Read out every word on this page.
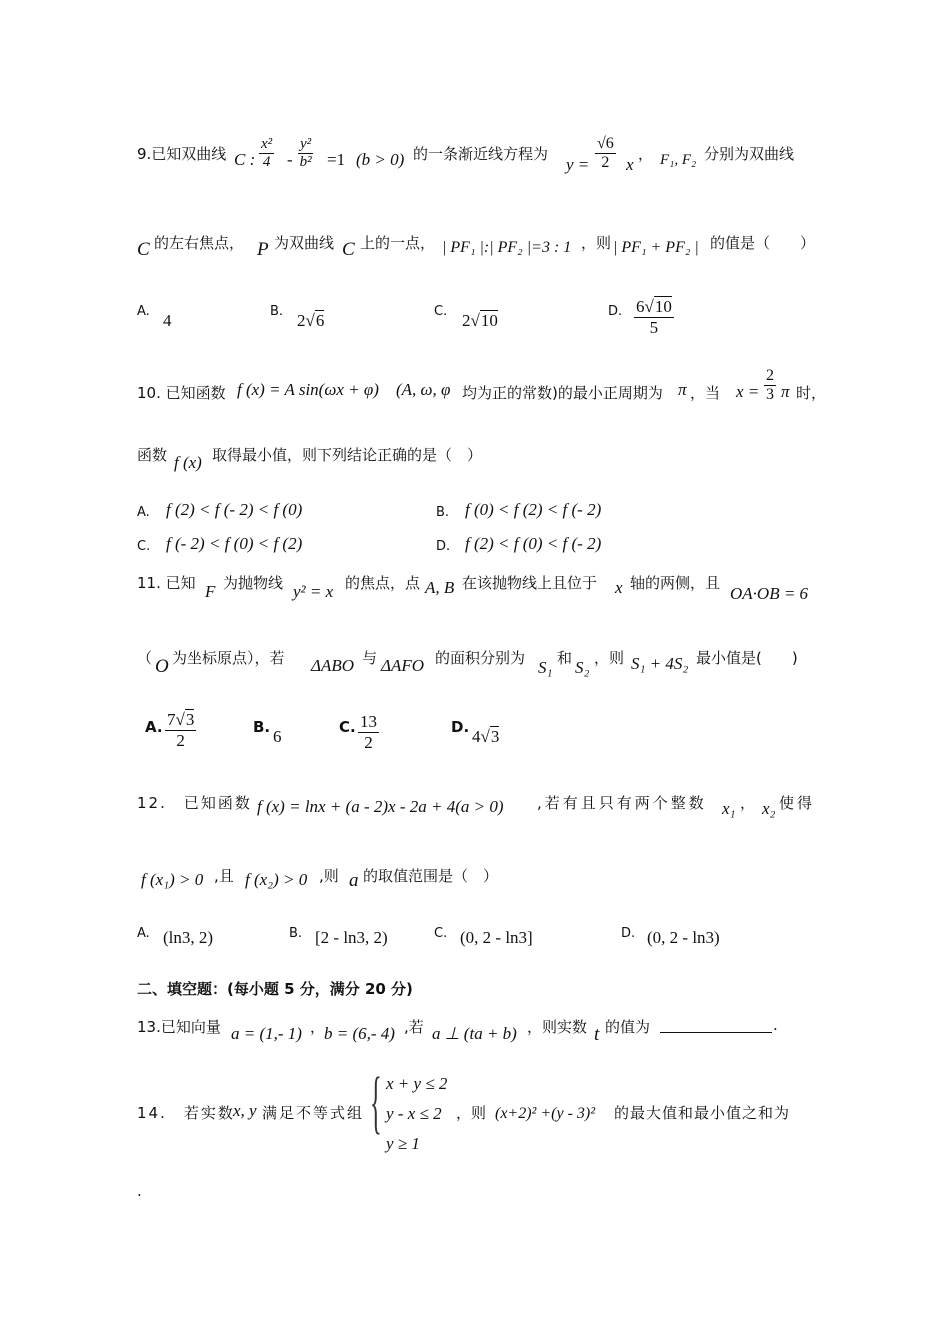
9.已知双曲线 C : $\frac{\text{x²}}{4} - \frac{\text{y²}}{\text{b²}} =1$ (b > 0) 的一条渐近线方程为
$y = \frac{√6}{2}$ x
， F₁, F₂ 分别为双曲线
C 的左右焦点， P 为双曲线 C 上的一点， | PF₁ |:| PF₂ |=3 : 1 ，则 | PF₁ + PF₂ | 的值是（　　）
A. 4	B. 2√6	C. 2√10	D. $\frac{6√10}{5}$
10. 已知函数 f (x) = A sin(ωx + φ) (A, ω, φ 均为正的常数)的最小正周期为 π ，当 $x = \frac{2}{3}$ π 时，
函数 f (x) 取得最小值，则下列结论正确的是（　）
A. f (2) < f (- 2) < f (0)	B. f (0) < f (2) < f (- 2)
C. f (- 2) < f (0) < f (2)	D. f (2) < f (0) < f (- 2)
11. 已知 F 为抛物线 y² = x 的焦点，点 A, B 在该抛物线上且位于 x 轴的两侧，且
OA·OB = 6
（ O 为坐标原点），若 ΔABO 与 ΔAFO 的面积分别为 S₁ 和 S₂ ，则 S₁ + 4S₂ 最小值是(　　)
A. $\frac{7√3}{2}$	B. 6	C. $\frac{13}{2}$	D. 4√3
12.　已知函数 f (x) = lnx + (a - 2)x - 2a + 4(a > 0) ,若有且只有两个整数 x₁ ， x₂ 使得
f (x₁) > 0 ,且 f (x₂) > 0 ,则 a 的取值范围是（　）
A. (ln3, 2)	B. [2 - ln3, 2)	C. (0, 2 - ln3]	D. (0, 2 - ln3)
二、填空题：(每小题 5 分，满分 20 分)
13.已知向量 a = (1,- 1) ，
b = (6,- 4) ,若 a ⊥ (ta + b) ，则实数 t 的值为	.
14.　若实数
x, y 满足不等式组 { x + y ≤ 2
y - x ≤ 2
y ≥ 1
，则 (x+2)² +(y - 3)² 的最大值和最小值之和为
.
